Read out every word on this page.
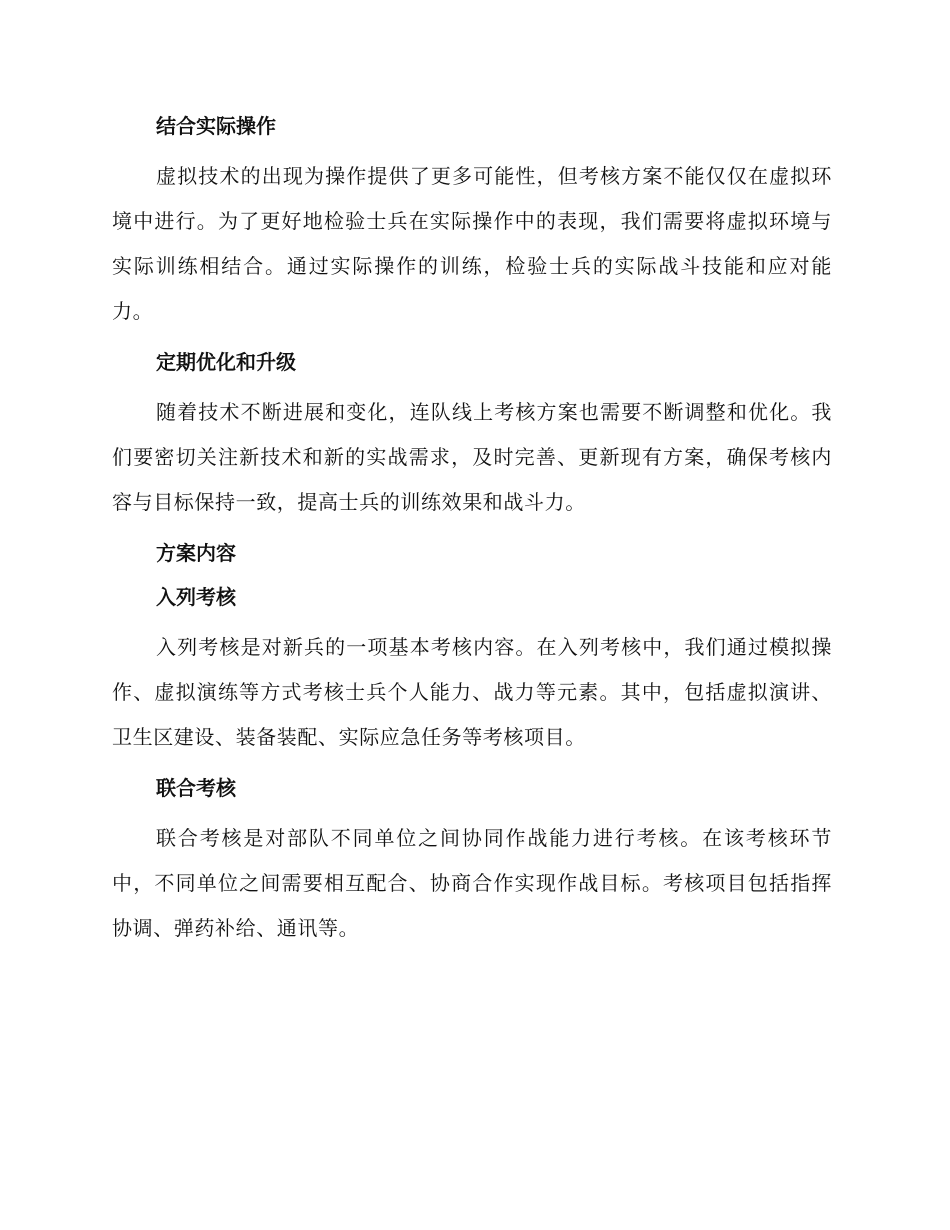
结合实际操作

虚拟技术的出现为操作提供了更多可能性，但考核方案不能仅仅在虚拟环境中进行。为了更好地检验士兵在实际操作中的表现，我们需要将虚拟环境与实际训练相结合。通过实际操作的训练，检验士兵的实际战斗技能和应对能力。

定期优化和升级

随着技术不断进展和变化，连队线上考核方案也需要不断调整和优化。我们要密切关注新技术和新的实战需求，及时完善、更新现有方案，确保考核内容与目标保持一致，提高士兵的训练效果和战斗力。

方案内容
入列考核

入列考核是对新兵的一项基本考核内容。在入列考核中，我们通过模拟操作、虚拟演练等方式考核士兵个人能力、战力等元素。其中，包括虚拟演讲、卫生区建设、装备装配、实际应急任务等考核项目。

联合考核

联合考核是对部队不同单位之间协同作战能力进行考核。在该考核环节中，不同单位之间需要相互配合、协商合作实现作战目标。考核项目包括指挥协调、弹药补给、通讯等。
